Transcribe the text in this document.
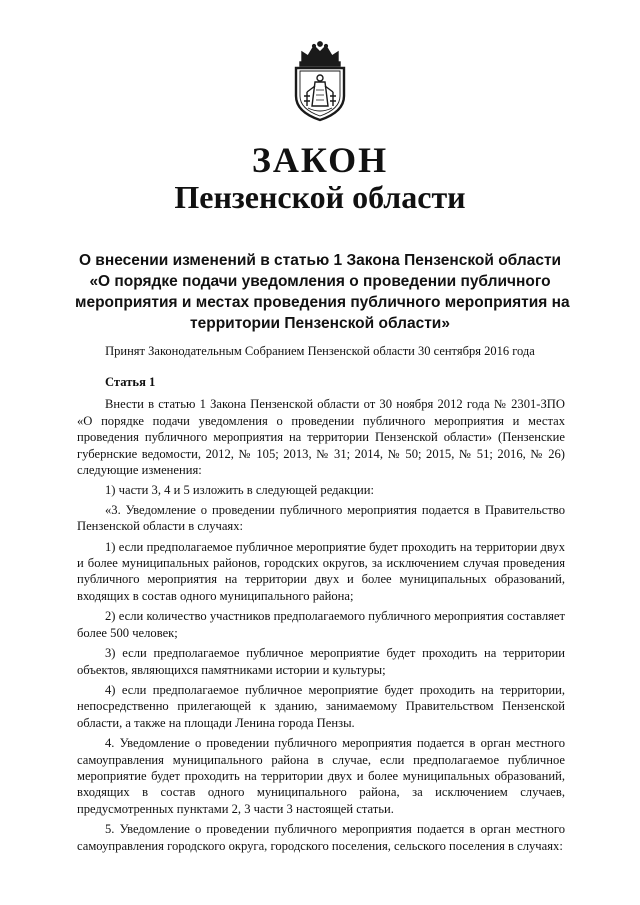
ЗАКОН
Пензенской области
О внесении изменений в статью 1 Закона Пензенской области
«О порядке подачи уведомления о проведении публичного
мероприятия и местах проведения публичного мероприятия на
территории Пензенской области»
Принят Законодательным Собранием Пензенской области 30 сентября 2016 года
Статья 1

Внести в статью 1 Закона Пензенской области от 30 ноября 2012 года № 2301-ЗПО «О порядке подачи уведомления о проведении публичного мероприятия и местах проведения публичного мероприятия на территории Пензенской области» (Пензенские губернские ведомости, 2012, № 105; 2013, № 31; 2014, № 50; 2015, № 51; 2016, № 26) следующие изменения:

1) части 3, 4 и 5 изложить в следующей редакции:

«3. Уведомление о проведении публичного мероприятия подается в Правительство Пензенской области в случаях:

1) если предполагаемое публичное мероприятие будет проходить на территории двух и более муниципальных районов, городских округов, за исключением случая проведения публичного мероприятия на территории двух и более муниципальных образований, входящих в состав одного муниципального района;

2) если количество участников предполагаемого публичного мероприятия составляет более 500 человек;

3) если предполагаемое публичное мероприятие будет проходить на территории объектов, являющихся памятниками истории и культуры;

4) если предполагаемое публичное мероприятие будет проходить на территории, непосредственно прилегающей к зданию, занимаемому Правительством Пензенской области, а также на площади Ленина города Пензы.

4. Уведомление о проведении публичного мероприятия подается в орган местного самоуправления муниципального района в случае, если предполагаемое публичное мероприятие будет проходить на территории двух и более муниципальных образований, входящих в состав одного муниципального района, за исключением случаев, предусмотренных пунктами 2, 3 части 3 настоящей статьи.

5. Уведомление о проведении публичного мероприятия подается в орган местного самоуправления городского округа, городского поселения, сельского поселения в случаях:
